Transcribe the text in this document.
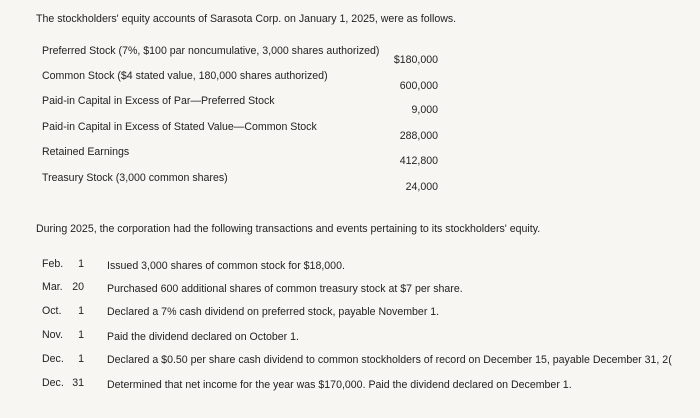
The stockholders' equity accounts of Sarasota Corp. on January 1, 2025, were as follows.
Preferred Stock (7%, $100 par noncumulative, 3,000 shares authorized)
$180,000
Common Stock ($4 stated value, 180,000 shares authorized)
600,000
Paid-in Capital in Excess of Par—Preferred Stock
9,000
Paid-in Capital in Excess of Stated Value—Common Stock
288,000
Retained Earnings
412,800
Treasury Stock (3,000 common shares)
24,000
During 2025, the corporation had the following transactions and events pertaining to its stockholders' equity.
Feb.	1 Issued 3,000 shares of common stock for $18,000.
Mar. 20 Purchased 600 additional shares of common treasury stock at $7 per share.
Oct.	1 Declared a 7% cash dividend on preferred stock, payable November 1.
Nov.	1 Paid the dividend declared on October 1.
Dec.	1 Declared a $0.50 per share cash dividend to common stockholders of record on December 15, payable December 31, 2(
Dec. 31 Determined that net income for the year was $170,000. Paid the dividend declared on December 1.
